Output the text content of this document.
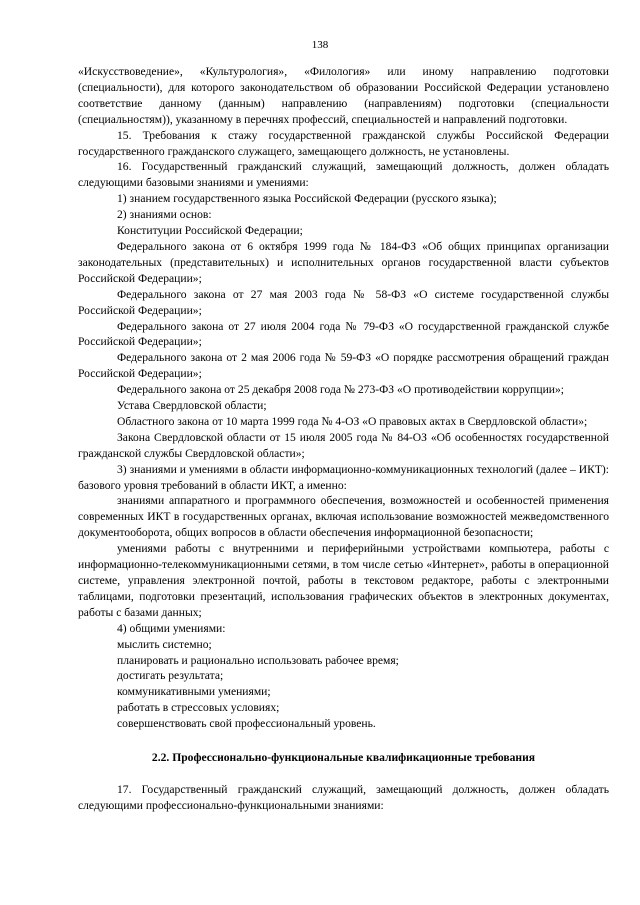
138

«Искусствоведение», «Культурология», «Филология» или иному направлению подготовки (специальности), для которого законодательством об образовании Российской Федерации установлено соответствие данному (данным) направлению (направлениям) подготовки (специальности (специальностям)), указанному в перечнях профессий, специальностей и направлений подготовки.

15. Требования к стажу государственной гражданской службы Российской Федерации государственного гражданского служащего, замещающего должность, не установлены.

16. Государственный гражданский служащий, замещающий должность, должен обладать следующими базовыми знаниями и умениями:

1) знанием государственного языка Российской Федерации (русского языка);

2) знаниями основ:

Конституции Российской Федерации;

Федерального закона от 6 октября 1999 года № 184-ФЗ «Об общих принципах организации законодательных (представительных) и исполнительных органов государственной власти субъектов Российской Федерации»;

Федерального закона от 27 мая 2003 года № 58-ФЗ «О системе государственной службы Российской Федерации»;

Федерального закона от 27 июля 2004 года № 79-ФЗ «О государственной гражданской службе Российской Федерации»;

Федерального закона от 2 мая 2006 года № 59-ФЗ «О порядке рассмотрения обращений граждан Российской Федерации»;

Федерального закона от 25 декабря 2008 года № 273-ФЗ «О противодействии коррупции»;

Устава Свердловской области;

Областного закона от 10 марта 1999 года № 4-ОЗ «О правовых актах в Свердловской области»;

Закона Свердловской области от 15 июля 2005 года № 84-ОЗ «Об особенностях государственной гражданской службы Свердловской области»;

3) знаниями и умениями в области информационно-коммуникационных технологий (далее – ИКТ): базового уровня требований в области ИКТ, а именно:

знаниями аппаратного и программного обеспечения, возможностей и особенностей применения современных ИКТ в государственных органах, включая использование возможностей межведомственного документооборота, общих вопросов в области обеспечения информационной безопасности;

умениями работы с внутренними и периферийными устройствами компьютера, работы с информационно-телекоммуникационными сетями, в том числе сетью «Интернет», работы в операционной системе, управления электронной почтой, работы в текстовом редакторе, работы с электронными таблицами, подготовки презентаций, использования графических объектов в электронных документах, работы с базами данных;

4) общими умениями:

мыслить системно;

планировать и рационально использовать рабочее время;

достигать результата;

коммуникативными умениями;

работать в стрессовых условиях;

совершенствовать свой профессиональный уровень.

2.2. Профессионально-функциональные квалификационные требования

17. Государственный гражданский служащий, замещающий должность, должен обладать следующими профессионально-функциональными знаниями:
